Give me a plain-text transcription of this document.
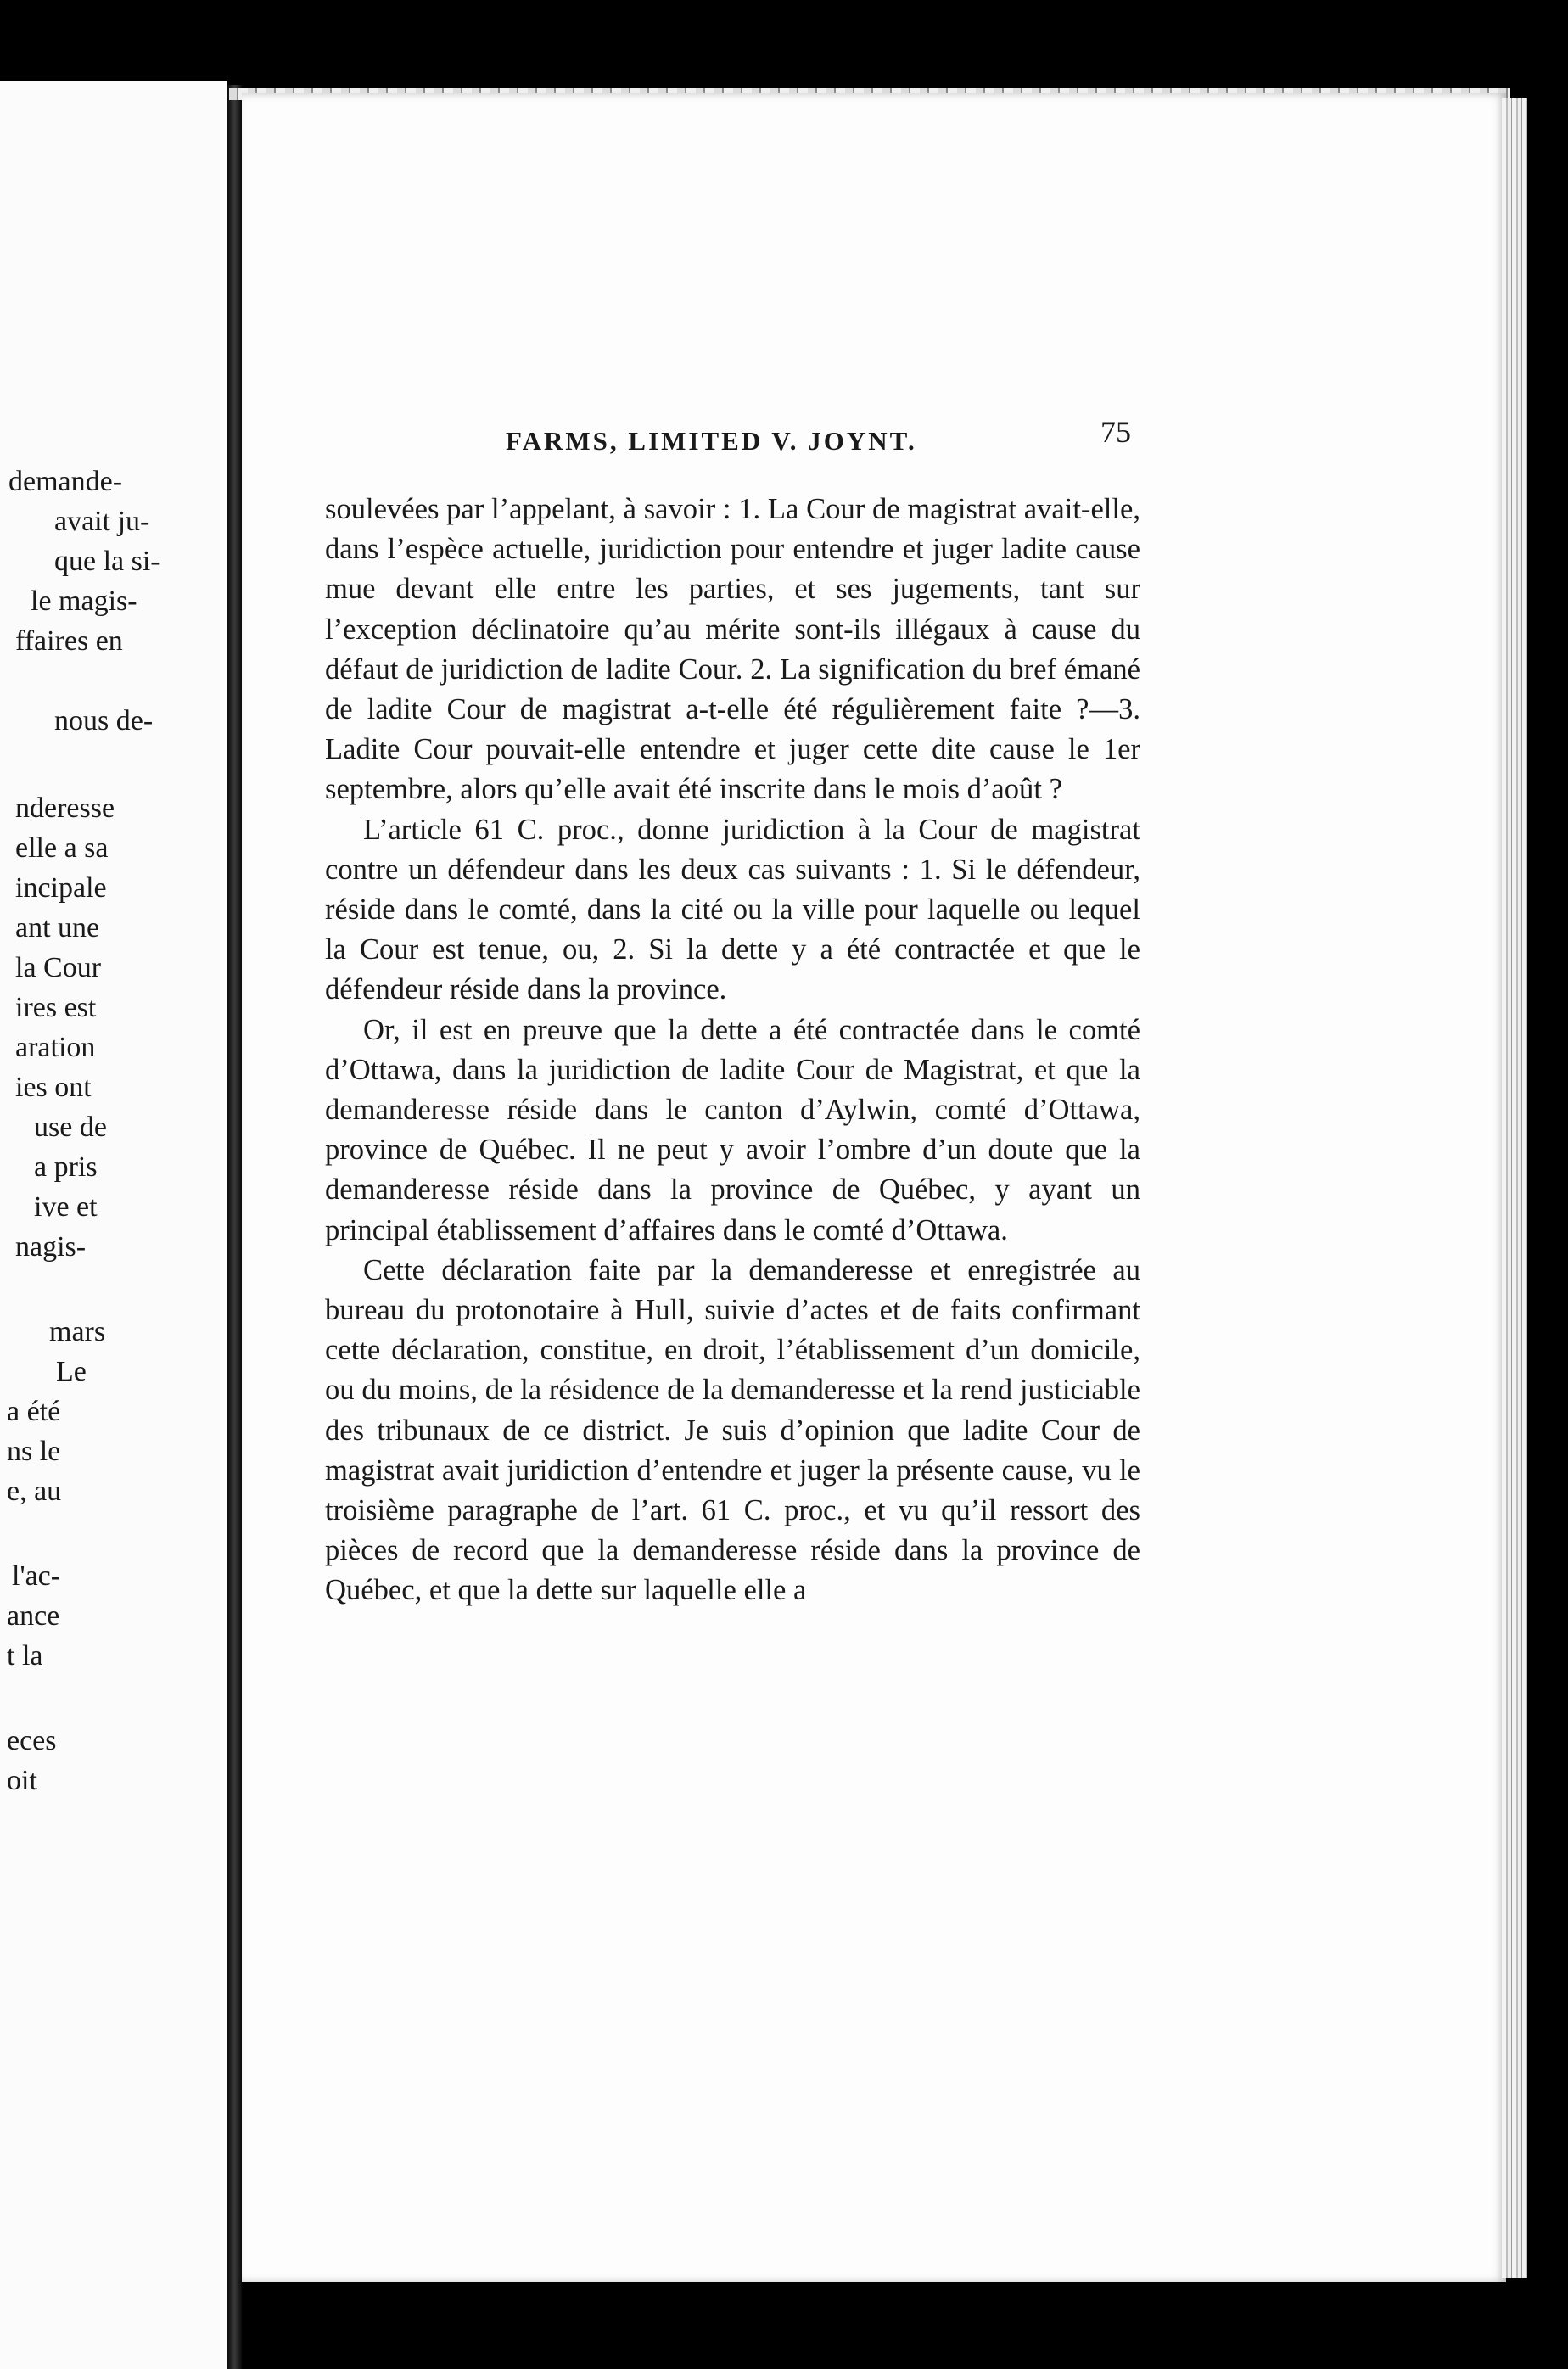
demande-
avait ju-
que la si-
le magis-
ffaires en
nous de-
nderesse
elle a sa
incipale
ant une
la Cour
ires est
aration
ies ont
use de
a pris
ive et
nagis-
mars
Le
a été
ns le
e, au
l'ac-
ance
t la
eces
oit
FARMS, LIMITED V. JOYNT.	75

soulevées par l’appelant, à savoir : 1. La Cour de magistrat avait-elle, dans l’espèce actuelle, juridiction pour entendre et juger ladite cause mue devant elle entre les parties, et ses jugements, tant sur l’exception déclinatoire qu’au mérite sont-ils illégaux à cause du défaut de juridiction de ladite Cour. 2. La signification du bref émané de ladite Cour de magistrat a-t-elle été régulièrement faite ?—3. Ladite Cour pouvait-elle entendre et juger cette dite cause le 1er septembre, alors qu’elle avait été inscrite dans le mois d’août ?

L’article 61 C. proc., donne juridiction à la Cour de magistrat contre un défendeur dans les deux cas suivants : 1. Si le défendeur, réside dans le comté, dans la cité ou la ville pour laquelle ou lequel la Cour est tenue, ou, 2. Si la dette y a été contractée et que le défendeur réside dans la province.

Or, il est en preuve que la dette a été contractée dans le comté d’Ottawa, dans la juridiction de ladite Cour de Magistrat, et que la demanderesse réside dans le canton d’Aylwin, comté d’Ottawa, province de Québec. Il ne peut y avoir l’ombre d’un doute que la demanderesse réside dans la province de Québec, y ayant un principal établissement d’affaires dans le comté d’Ottawa.

Cette déclaration faite par la demanderesse et enregistrée au bureau du protonotaire à Hull, suivie d’actes et de faits confirmant cette déclaration, constitue, en droit, l’établissement d’un domicile, ou du moins, de la résidence de la demanderesse et la rend justiciable des tribunaux de ce district. Je suis d’opinion que ladite Cour de magistrat avait juridiction d’entendre et juger la présente cause, vu le troisième paragraphe de l’art. 61 C. proc., et vu qu’il ressort des pièces de record que la demanderesse réside dans la province de Québec, et que la dette sur laquelle elle a
